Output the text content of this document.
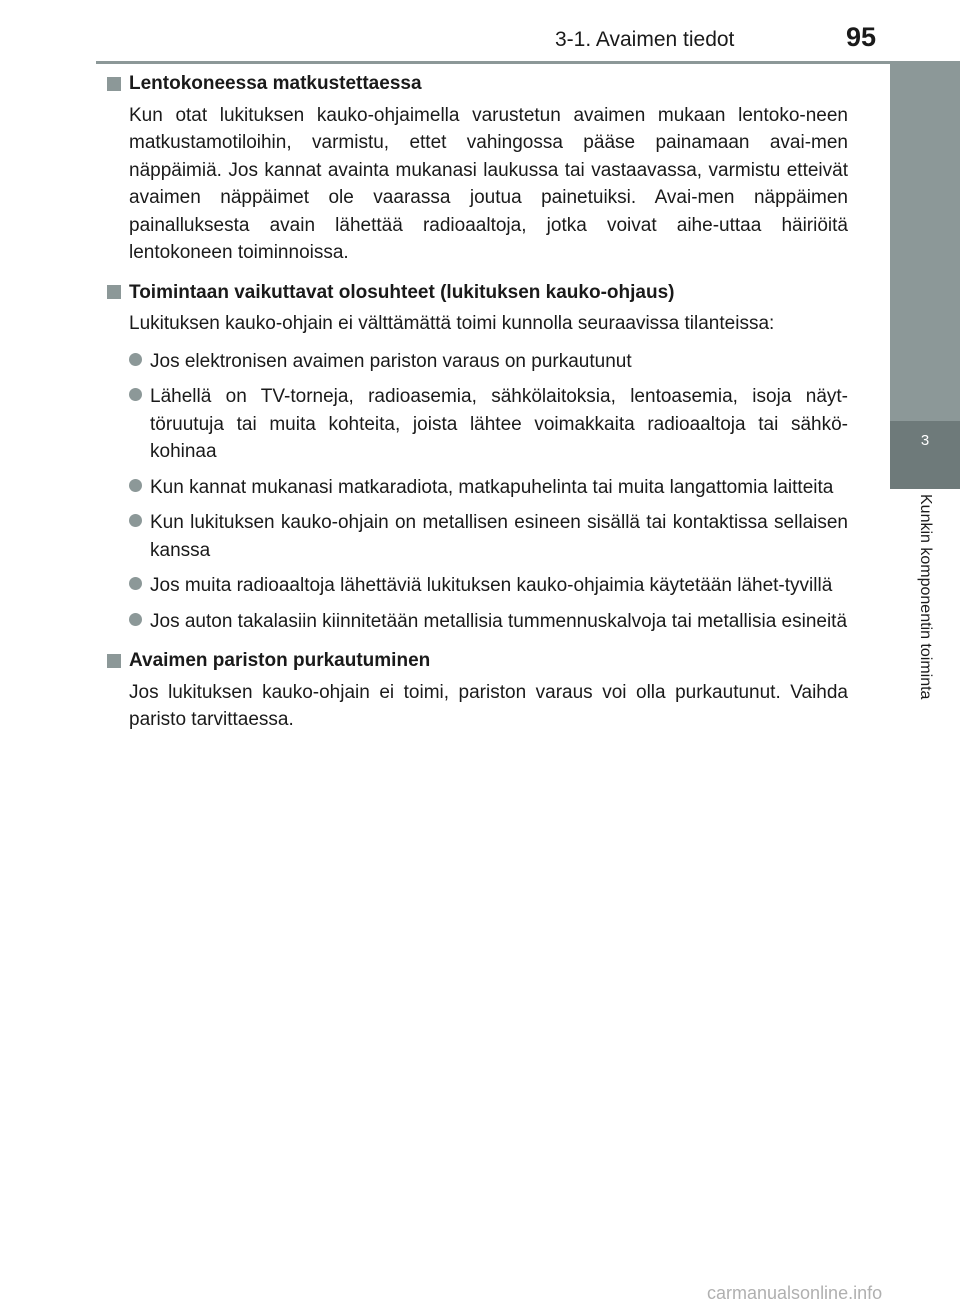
3-1. Avaimen tiedot	95
3
Kunkin komponentin toiminta
Lentokoneessa matkustettaessa

Kun otat lukituksen kauko-ohjaimella varustetun avaimen mukaan lentoko-neen matkustamotiloihin, varmistu, ettet vahingossa pääse painamaan avai-men näppäimiä. Jos kannat avainta mukanasi laukussa tai vastaavassa, varmistu etteivät avaimen näppäimet ole vaarassa joutua painetuiksi. Avai-men näppäimen painalluksesta avain lähettää radioaaltoja, jotka voivat aihe-uttaa häiriöitä lentokoneen toiminnoissa.

Toimintaan vaikuttavat olosuhteet (lukituksen kauko-ohjaus)

Lukituksen kauko-ohjain ei välttämättä toimi kunnolla seuraavissa tilanteissa:

Jos elektronisen avaimen pariston varaus on purkautunut
Lähellä on TV-torneja, radioasemia, sähkölaitoksia, lentoasemia, isoja näyt-töruutuja tai muita kohteita, joista lähtee voimakkaita radioaaltoja tai sähkö-kohinaa
Kun kannat mukanasi matkaradiota, matkapuhelinta tai muita langattomia laitteita
Kun lukituksen kauko-ohjain on metallisen esineen sisällä tai kontaktissa sellaisen kanssa
Jos muita radioaaltoja lähettäviä lukituksen kauko-ohjaimia käytetään lähet-tyvillä
Jos auton takalasiin kiinnitetään metallisia tummennuskalvoja tai metallisia esineitä
Avaimen pariston purkautuminen

Jos lukituksen kauko-ohjain ei toimi, pariston varaus voi olla purkautunut. Vaihda paristo tarvittaessa.

carmanualsonline.info
